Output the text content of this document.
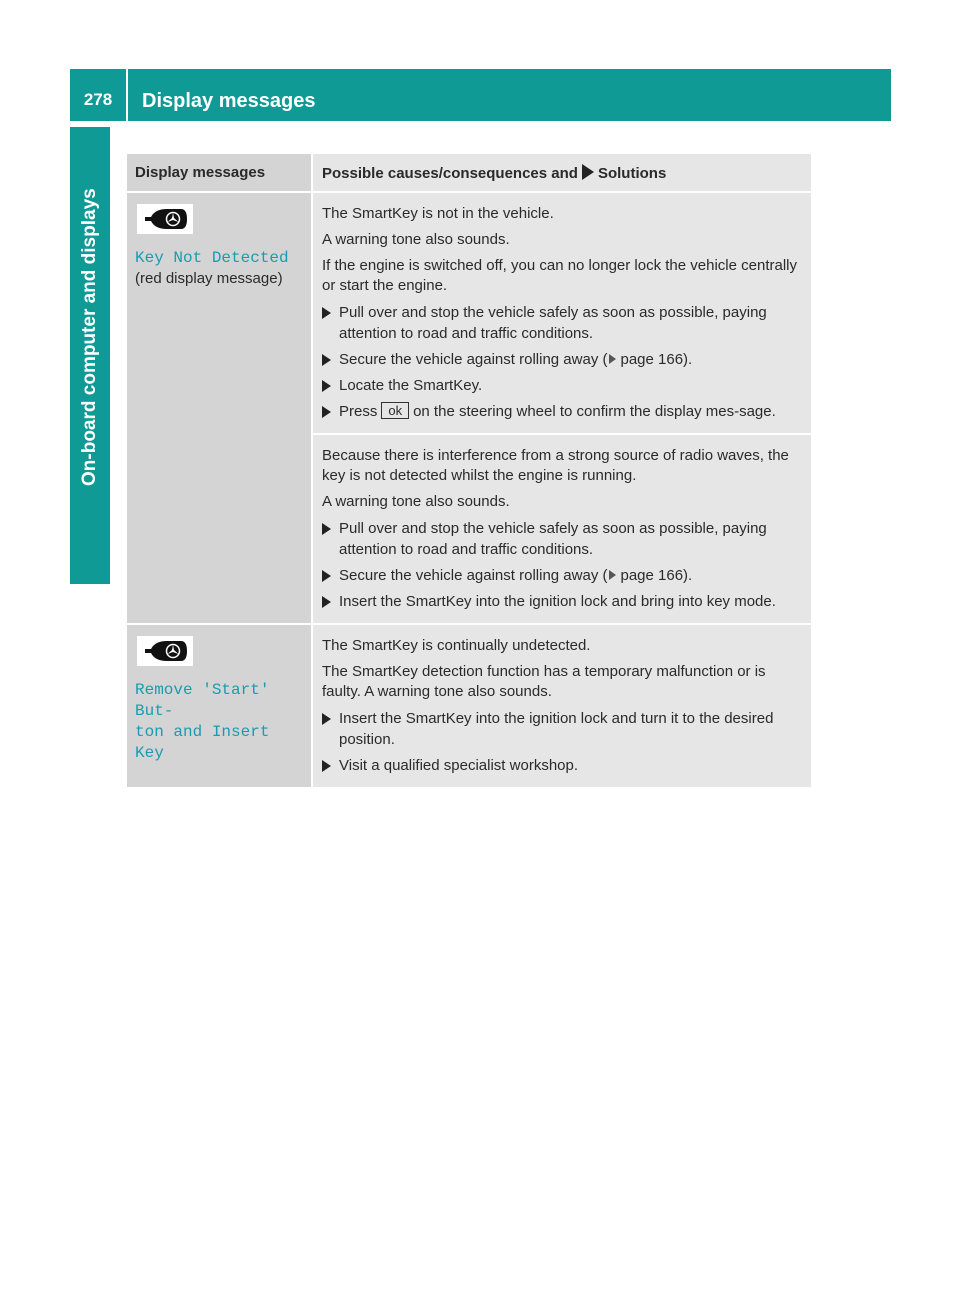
278	Display messages
On-board computer and displays
Display messages	Possible causes/consequences and Solutions
Key Not Detected
(red display message)

The SmartKey is not in the vehicle.

A warning tone also sounds.

If the engine is switched off, you can no longer lock the vehicle centrally or start the engine.

Pull over and stop the vehicle safely as soon as possible, paying attention to road and traffic conditions.
Secure the vehicle against rolling away ( page 166).
Locate the SmartKey.
Press ok on the steering wheel to confirm the display mes-sage.

Because there is interference from a strong source of radio waves, the key is not detected whilst the engine is running.

A warning tone also sounds.

Pull over and stop the vehicle safely as soon as possible, paying attention to road and traffic conditions.
Secure the vehicle against rolling away ( page 166).
Insert the SmartKey into the ignition lock and bring into key mode.
Remove 'Start' But‐
ton and Insert Key

The SmartKey is continually undetected.

The SmartKey detection function has a temporary malfunction or is faulty. A warning tone also sounds.

Insert the SmartKey into the ignition lock and turn it to the desired position.
Visit a qualified specialist workshop.
